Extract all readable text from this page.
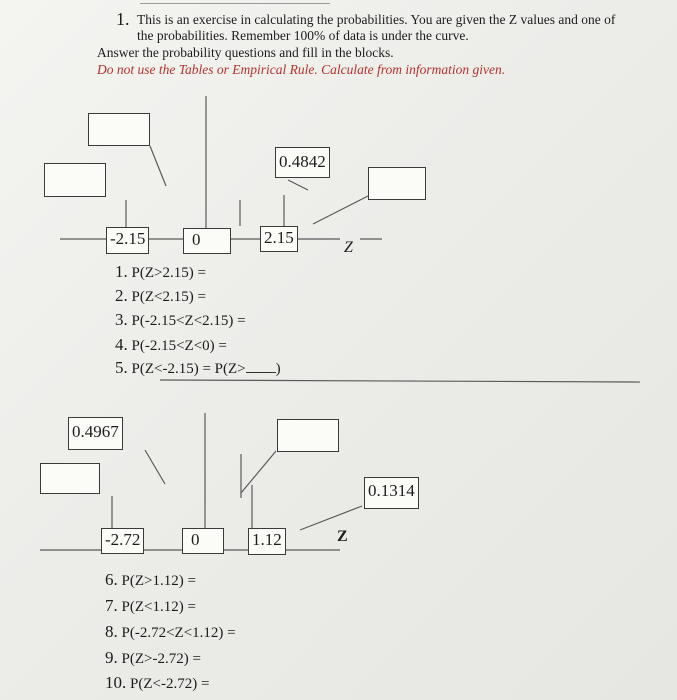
1. This is an exercise in calculating the probabilities. You are given the Z values and one of
the probabilities. Remember 100% of data is under the curve.
Answer the probability questions and fill in the blocks.
Do not use the Tables or Empirical Rule. Calculate from information given.
0.4842
-2.15	0	2.15
Z
1. P(Z>2.15) =
2. P(Z<2.15) =
3. P(-2.15<Z<2.15) =
4. P(-2.15<Z<0) =
5. P(Z<-2.15) = P(Z> )
0.4967
0.1314
-2.72	0	1.12	Z
6. P(Z>1.12) =
7. P(Z<1.12) =
8. P(-2.72<Z<1.12) =
9. P(Z>-2.72) =
10. P(Z<-2.72) =
